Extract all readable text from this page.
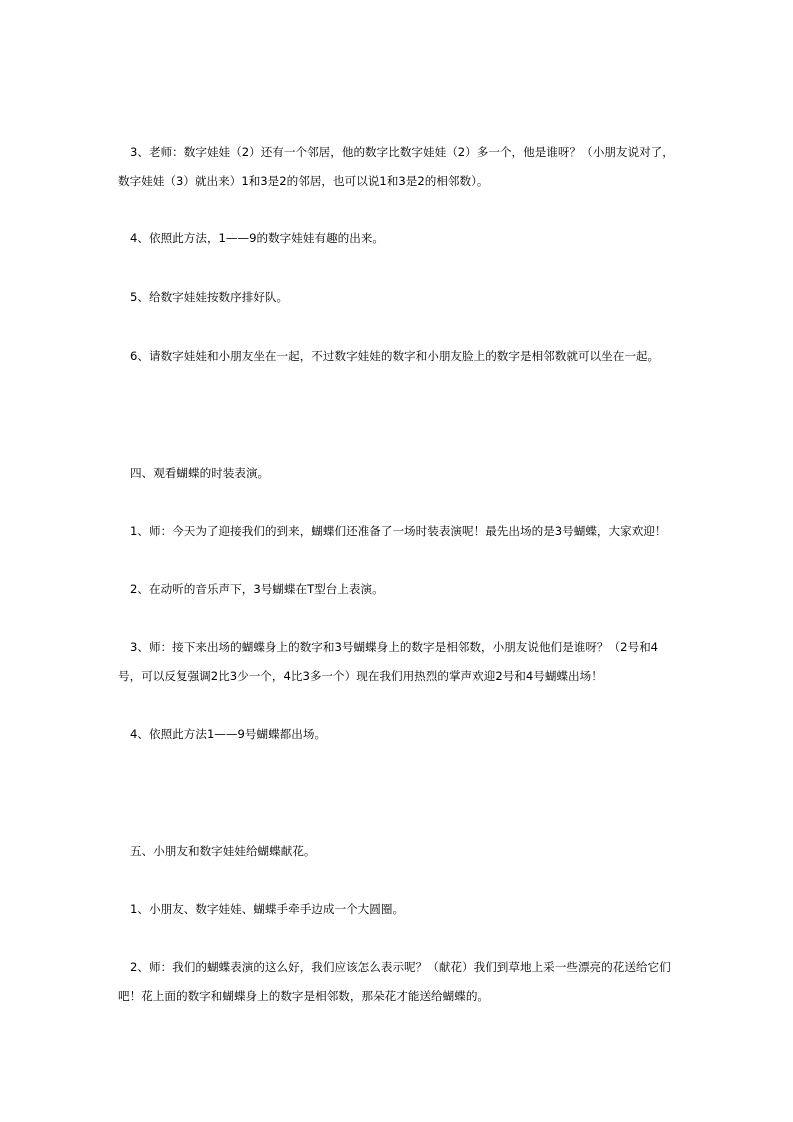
3、老师：数字娃娃（2）还有一个邻居，他的数字比数字娃娃（2）多一个，他是谁呀？（小朋友说对了，数字娃娃（3）就出来）1和3是2的邻居，也可以说1和3是2的相邻数）。

4、依照此方法，1——9的数字娃娃有趣的出来。

5、给数字娃娃按数序排好队。

6、请数字娃娃和小朋友坐在一起，不过数字娃娃的数字和小朋友脸上的数字是相邻数就可以坐在一起。

四、观看蝴蝶的时装表演。

1、师：今天为了迎接我们的到来，蝴蝶们还准备了一场时装表演呢！最先出场的是3号蝴蝶，大家欢迎！

2、在动听的音乐声下，3号蝴蝶在T型台上表演。

3、师：接下来出场的蝴蝶身上的数字和3号蝴蝶身上的数字是相邻数，小朋友说他们是谁呀？（2号和4号，可以反复强调2比3少一个，4比3多一个）现在我们用热烈的掌声欢迎2号和4号蝴蝶出场！

4、依照此方法1——9号蝴蝶都出场。

五、小朋友和数字娃娃给蝴蝶献花。

1、小朋友、数字娃娃、蝴蝶手牵手边成一个大圆圈。

2、师：我们的蝴蝶表演的这么好，我们应该怎么表示呢？（献花）我们到草地上采一些漂亮的花送给它们吧！花上面的数字和蝴蝶身上的数字是相邻数，那朵花才能送给蝴蝶的。
